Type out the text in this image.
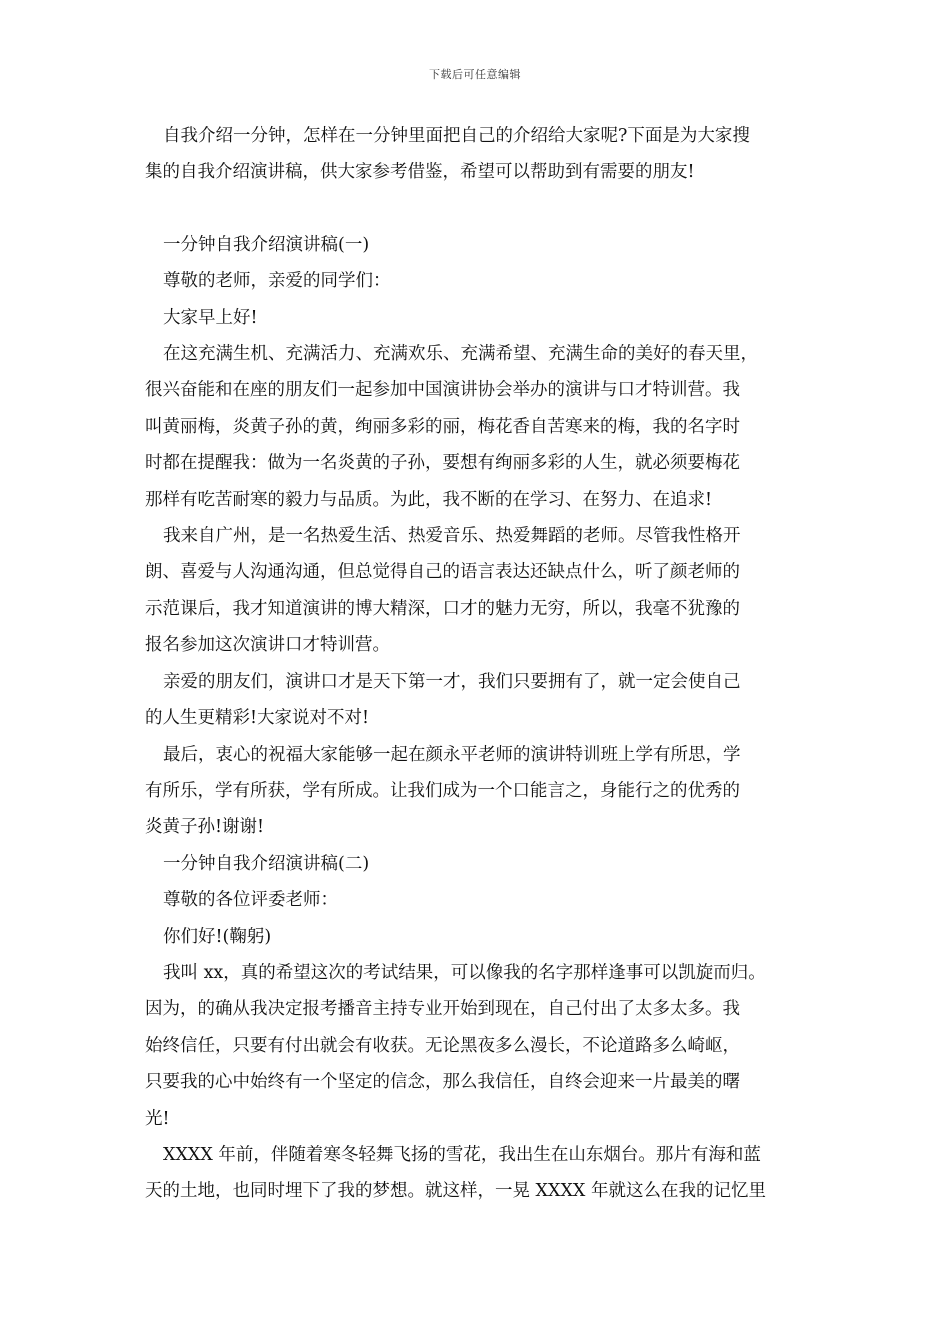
下载后可任意编辑
自我介绍一分钟，怎样在一分钟里面把自己的介绍给大家呢?下面是为大家搜
集的自我介绍演讲稿，供大家参考借鉴，希望可以帮助到有需要的朋友!
一分钟自我介绍演讲稿(一)
尊敬的老师，亲爱的同学们：
大家早上好!
在这充满生机、充满活力、充满欢乐、充满希望、充满生命的美好的春天里，
很兴奋能和在座的朋友们一起参加中国演讲协会举办的演讲与口才特训营。我
叫黄丽梅，炎黄子孙的黄，绚丽多彩的丽，梅花香自苦寒来的梅，我的名字时
时都在提醒我：做为一名炎黄的子孙，要想有绚丽多彩的人生，就必须要梅花
那样有吃苦耐寒的毅力与品质。为此，我不断的在学习、在努力、在追求!
我来自广州，是一名热爱生活、热爱音乐、热爱舞蹈的老师。尽管我性格开
朗、喜爱与人沟通沟通，但总觉得自己的语言表达还缺点什么，听了颜老师的
示范课后，我才知道演讲的博大精深，口才的魅力无穷，所以，我毫不犹豫的
报名参加这次演讲口才特训营。
亲爱的朋友们，演讲口才是天下第一才，我们只要拥有了，就一定会使自己
的人生更精彩!大家说对不对!
最后，衷心的祝福大家能够一起在颜永平老师的演讲特训班上学有所思，学
有所乐，学有所获，学有所成。让我们成为一个口能言之，身能行之的优秀的
炎黄子孙!谢谢!
一分钟自我介绍演讲稿(二)
尊敬的各位评委老师：
你们好!(鞠躬)
我叫 xx，真的希望这次的考试结果，可以像我的名字那样逢事可以凯旋而归。
因为，的确从我决定报考播音主持专业开始到现在，自己付出了太多太多。我
始终信任，只要有付出就会有收获。无论黑夜多么漫长，不论道路多么崎岖，
只要我的心中始终有一个坚定的信念，那么我信任，自终会迎来一片最美的曙
光!
XXXX 年前，伴随着寒冬轻舞飞扬的雪花，我出生在山东烟台。那片有海和蓝
天的土地，也同时埋下了我的梦想。就这样，一晃 XXXX 年就这么在我的记忆里
